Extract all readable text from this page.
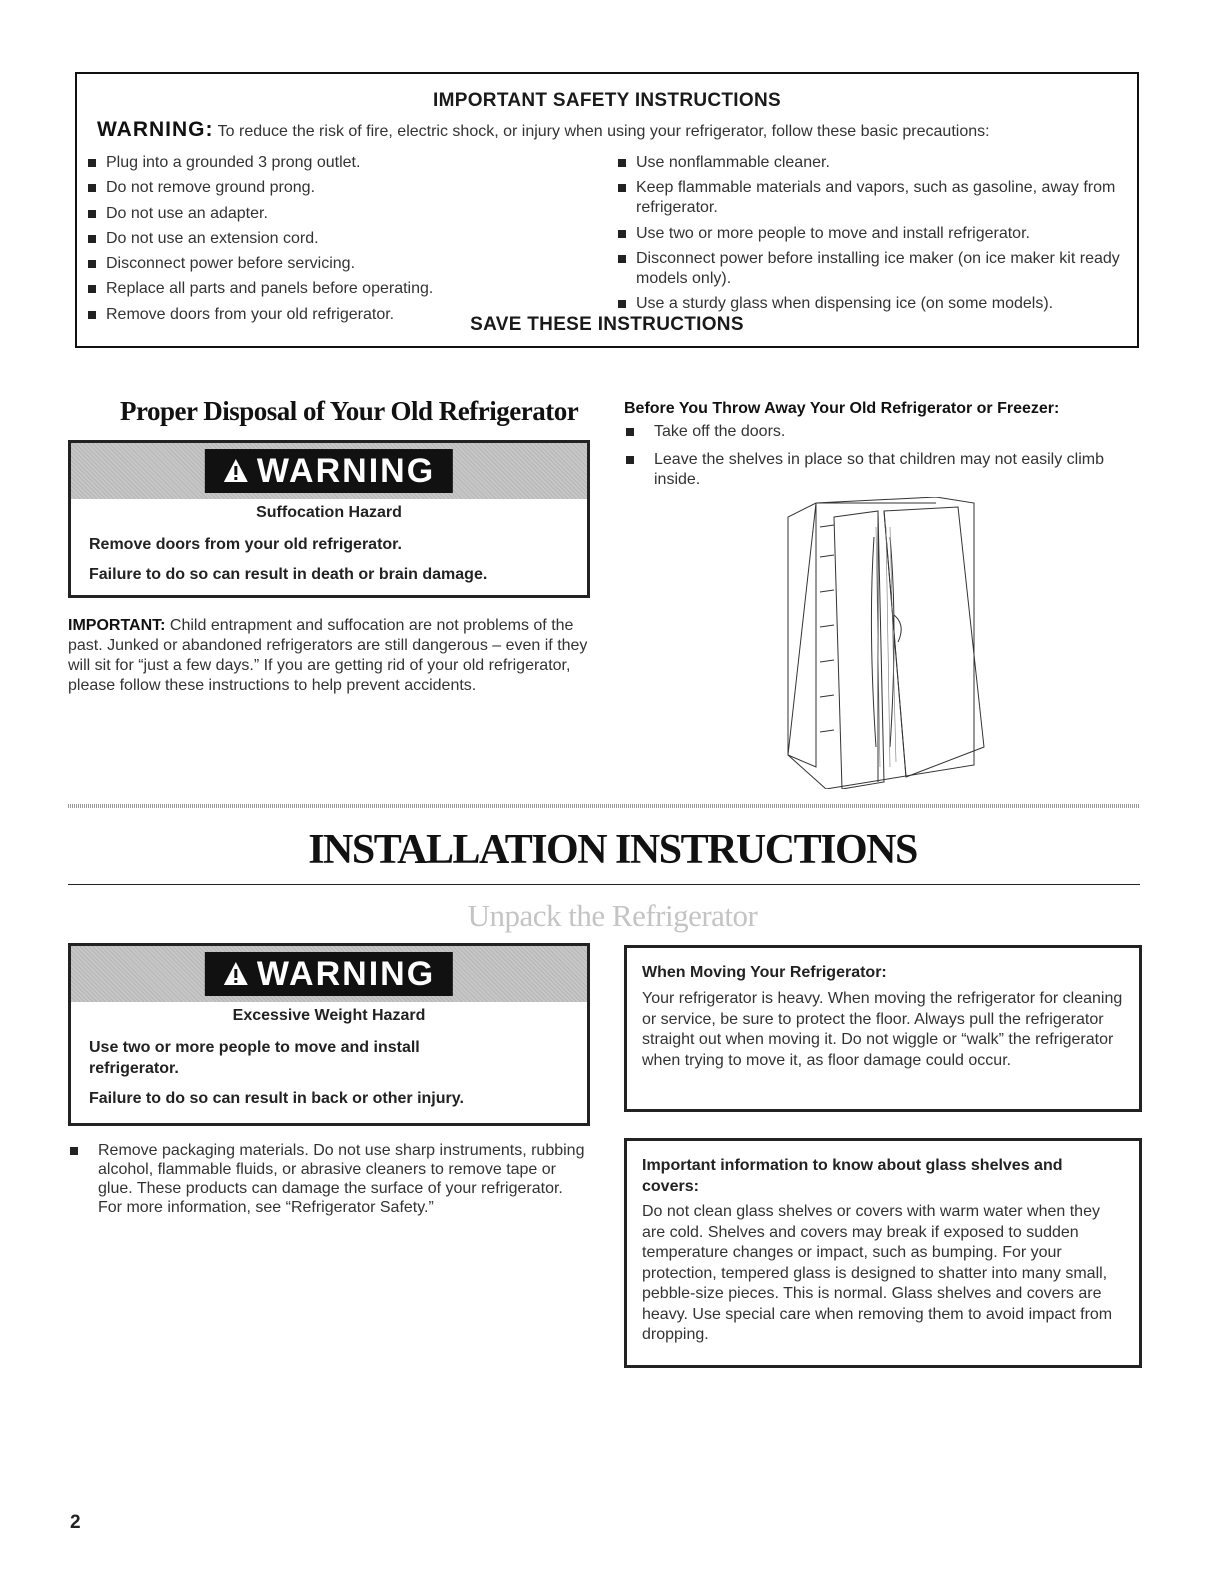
IMPORTANT SAFETY INSTRUCTIONS
WARNING: To reduce the risk of fire, electric shock, or injury when using your refrigerator, follow these basic precautions:
Plug into a grounded 3 prong outlet.
Do not remove ground prong.
Do not use an adapter.
Do not use an extension cord.
Disconnect power before servicing.
Replace all parts and panels before operating.
Remove doors from your old refrigerator.
Use nonflammable cleaner.
Keep flammable materials and vapors, such as gasoline, away from refrigerator.
Use two or more people to move and install refrigerator.
Disconnect power before installing ice maker (on ice maker kit ready models only).
Use a sturdy glass when dispensing ice (on some models).
SAVE THESE INSTRUCTIONS
Proper Disposal of Your Old Refrigerator
WARNING
Suffocation Hazard
Remove doors from your old refrigerator.
Failure to do so can result in death or brain damage.
IMPORTANT: Child entrapment and suffocation are not problems of the past. Junked or abandoned refrigerators are still dangerous – even if they will sit for “just a few days.” If you are getting rid of your old refrigerator, please follow these instructions to help prevent accidents.
Before You Throw Away Your Old Refrigerator or Freezer:
Take off the doors.
Leave the shelves in place so that children may not easily climb inside.
INSTALLATION INSTRUCTIONS
Unpack the Refrigerator
WARNING
Excessive Weight Hazard
Use two or more people to move and install refrigerator.
Failure to do so can result in back or other injury.
Remove packaging materials. Do not use sharp instruments, rubbing alcohol, flammable fluids, or abrasive cleaners to remove tape or glue. These products can damage the surface of your refrigerator. For more information, see “Refrigerator Safety.”
When Moving Your Refrigerator:
Your refrigerator is heavy. When moving the refrigerator for cleaning or service, be sure to protect the floor. Always pull the refrigerator straight out when moving it. Do not wiggle or “walk” the refrigerator when trying to move it, as floor damage could occur.
Important information to know about glass shelves and covers:
Do not clean glass shelves or covers with warm water when they are cold. Shelves and covers may break if exposed to sudden temperature changes or impact, such as bumping. For your protection, tempered glass is designed to shatter into many small, pebble-size pieces. This is normal. Glass shelves and covers are heavy. Use special care when removing them to avoid impact from dropping.
2
